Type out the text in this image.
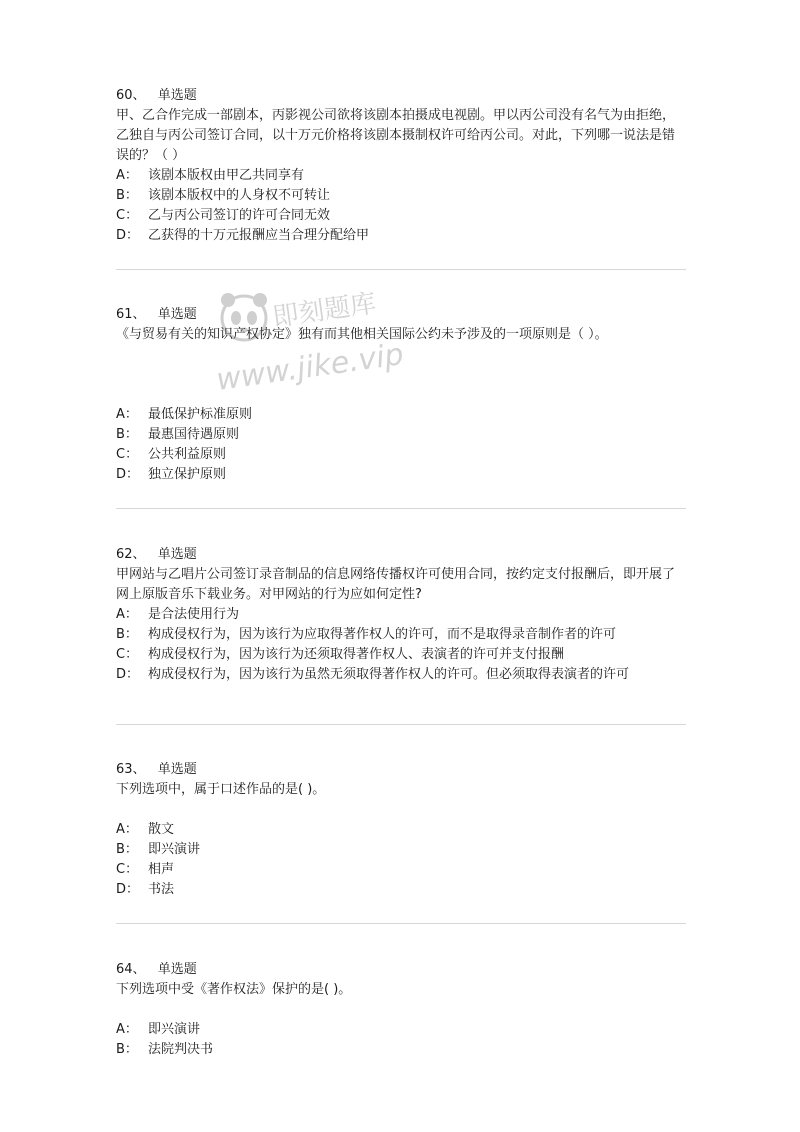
60、 单选题
甲、乙合作完成一部剧本，丙影视公司欲将该剧本拍摄成电视剧。甲以丙公司没有名气为由拒绝，乙独自与丙公司签订合同，以十万元价格将该剧本摄制权许可给丙公司。对此，下列哪一说法是错误的？（ ）
A： 该剧本版权由甲乙共同享有
B： 该剧本版权中的人身权不可转让
C： 乙与丙公司签订的许可合同无效
D： 乙获得的十万元报酬应当合理分配给甲
61、 单选题
《与贸易有关的知识产权协定》独有而其他相关国际公约未予涉及的一项原则是（ ）。
A： 最低保护标准原则
B： 最惠国待遇原则
C： 公共利益原则
D： 独立保护原则
62、 单选题
甲网站与乙唱片公司签订录音制品的信息网络传播权许可使用合同，按约定支付报酬后，即开展了网上原版音乐下载业务。对甲网站的行为应如何定性?
A： 是合法使用行为
B： 构成侵权行为，因为该行为应取得著作权人的许可，而不是取得录音制作者的许可
C： 构成侵权行为，因为该行为还须取得著作权人、表演者的许可并支付报酬
D： 构成侵权行为，因为该行为虽然无须取得著作权人的许可。但必须取得表演者的许可
63、 单选题
下列选项中，属于口述作品的是( )。
A： 散文
B： 即兴演讲
C： 相声
D： 书法
64、 单选题
下列选项中受《著作权法》保护的是( )。
A： 即兴演讲
B： 法院判决书
即刻题库
www.jike.vip
